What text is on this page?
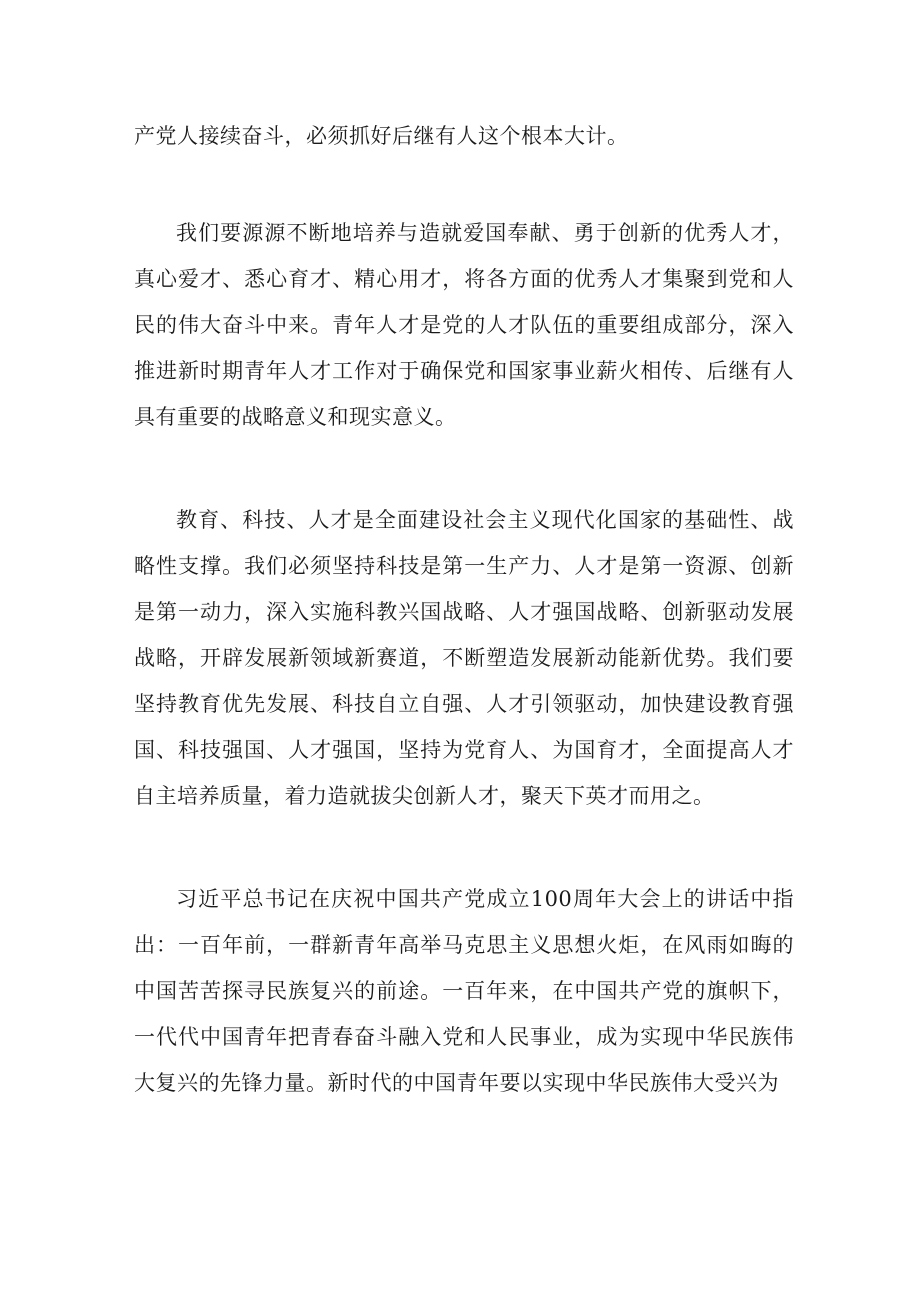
产党人接续奋斗，必须抓好后继有人这个根本大计。

我们要源源不断地培养与造就爱国奉献、勇于创新的优秀人才，真心爱才、悉心育才、精心用才，将各方面的优秀人才集聚到党和人民的伟大奋斗中来。青年人才是党的人才队伍的重要组成部分，深入推进新时期青年人才工作对于确保党和国家事业薪火相传、后继有人具有重要的战略意义和现实意义。

教育、科技、人才是全面建设社会主义现代化国家的基础性、战略性支撑。我们必须坚持科技是第一生产力、人才是第一资源、创新是第一动力，深入实施科教兴国战略、人才强国战略、创新驱动发展战略，开辟发展新领域新赛道，不断塑造发展新动能新优势。我们要坚持教育优先发展、科技自立自强、人才引领驱动，加快建设教育强国、科技强国、人才强国，坚持为党育人、为国育才，全面提高人才自主培养质量，着力造就拔尖创新人才，聚天下英才而用之。

习近平总书记在庆祝中国共产党成立100周年大会上的讲话中指出：一百年前，一群新青年高举马克思主义思想火炬，在风雨如晦的中国苦苦探寻民族复兴的前途。一百年来，在中国共产党的旗帜下，一代代中国青年把青春奋斗融入党和人民事业，成为实现中华民族伟大复兴的先锋力量。新时代的中国青年要以实现中华民族伟大受兴为
